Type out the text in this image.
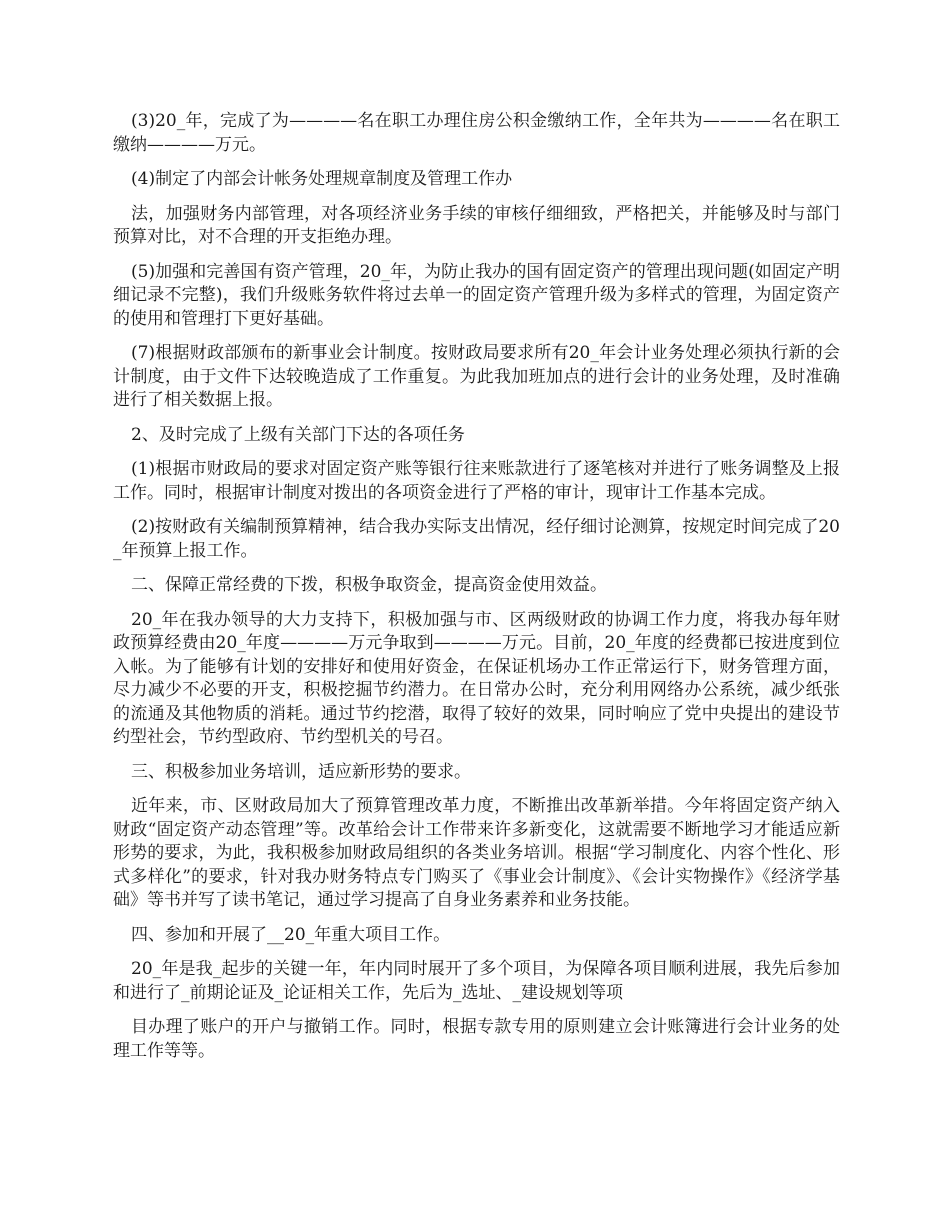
(3)20_年，完成了为————名在职工办理住房公积金缴纳工作，全年共为————名在职工缴纳————万元。

(4)制定了内部会计帐务处理规章制度及管理工作办

法，加强财务内部管理，对各项经济业务手续的审核仔细细致，严格把关，并能够及时与部门预算对比，对不合理的开支拒绝办理。

(5)加强和完善国有资产管理，20_年，为防止我办的国有固定资产的管理出现问题(如固定产明细记录不完整)，我们升级账务软件将过去单一的固定资产管理升级为多样式的管理，为固定资产的使用和管理打下更好基础。

(7)根据财政部颁布的新事业会计制度。按财政局要求所有20_年会计业务处理必须执行新的会计制度，由于文件下达较晚造成了工作重复。为此我加班加点的进行会计的业务处理，及时准确进行了相关数据上报。

2、及时完成了上级有关部门下达的各项任务

(1)根据市财政局的要求对固定资产账等银行往来账款进行了逐笔核对并进行了账务调整及上报工作。同时，根据审计制度对拨出的各项资金进行了严格的审计，现审计工作基本完成。

(2)按财政有关编制预算精神，结合我办实际支出情况，经仔细讨论测算，按规定时间完成了20_年预算上报工作。

二、保障正常经费的下拨，积极争取资金，提高资金使用效益。

20_年在我办领导的大力支持下，积极加强与市、区两级财政的协调工作力度，将我办每年财政预算经费由20_年度————万元争取到————万元。目前，20_年度的经费都已按进度到位入帐。为了能够有计划的安排好和使用好资金，在保证机场办工作正常运行下，财务管理方面，尽力减少不必要的开支，积极挖掘节约潜力。在日常办公时，充分利用网络办公系统，减少纸张的流通及其他物质的消耗。通过节约挖潜，取得了较好的效果，同时响应了党中央提出的建设节约型社会，节约型政府、节约型机关的号召。

三、积极参加业务培训，适应新形势的要求。

近年来，市、区财政局加大了预算管理改革力度，不断推出改革新举措。今年将固定资产纳入财政“固定资产动态管理”等。改革给会计工作带来许多新变化，这就需要不断地学习才能适应新形势的要求，为此，我积极参加财政局组织的各类业务培训。根据“学习制度化、内容个性化、形式多样化”的要求，针对我办财务特点专门购买了《事业会计制度》、《会计实物操作》《经济学基础》等书并写了读书笔记，通过学习提高了自身业务素养和业务技能。

四、参加和开展了__20_年重大项目工作。

20_年是我_起步的关键一年，年内同时展开了多个项目，为保障各项目顺利进展，我先后参加和进行了_前期论证及_论证相关工作，先后为_选址、_建设规划等项

目办理了账户的开户与撤销工作。同时，根据专款专用的原则建立会计账簿进行会计业务的处理工作等等。
